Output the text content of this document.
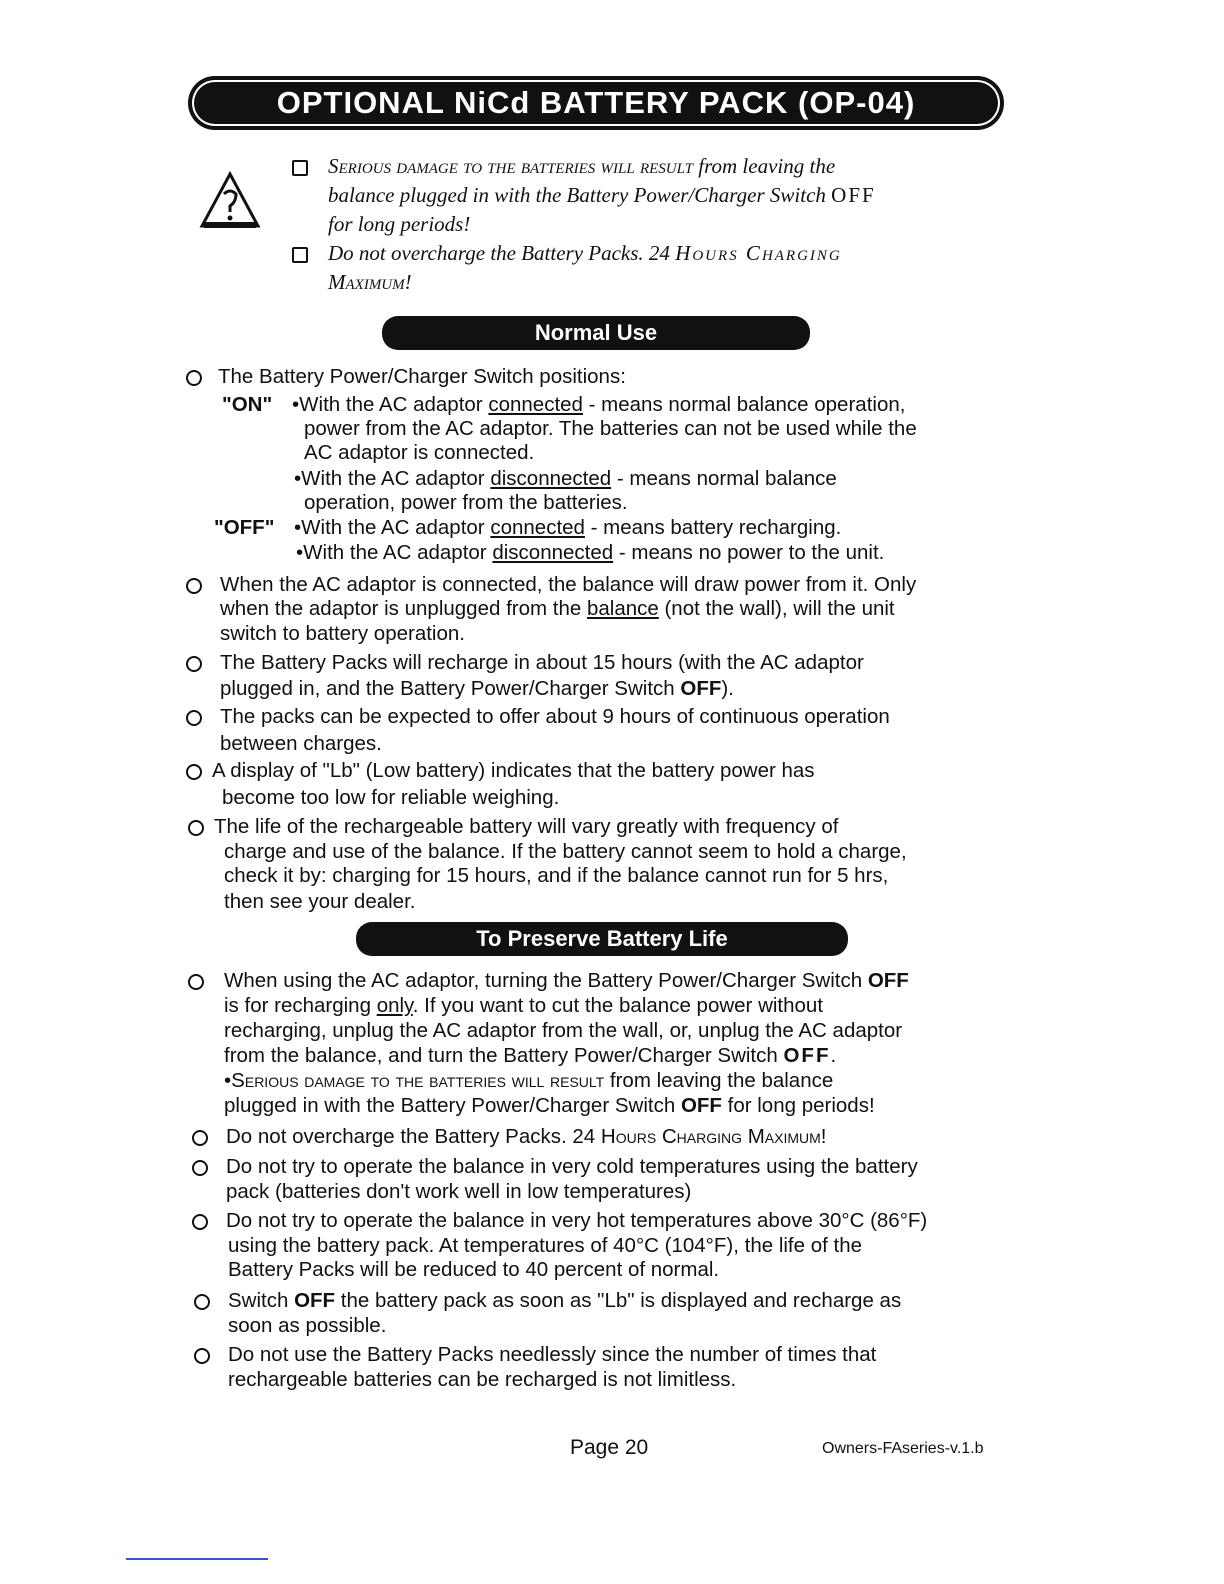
OPTIONAL NiCd BATTERY PACK (OP-04)
Serious damage to the batteries will result from leaving the
balance plugged in with the Battery Power/Charger Switch OFF
for long periods!
Do not overcharge the Battery Packs. 24 Hours Charging
Maximum!
Normal Use
The Battery Power/Charger Switch positions:
"ON" •With the AC adaptor connected - means normal balance operation,
power from the AC adaptor. The batteries can not be used while the
AC adaptor is connected.
•With the AC adaptor disconnected - means normal balance
operation, power from the batteries.
"OFF" •With the AC adaptor connected - means battery recharging.
•With the AC adaptor disconnected - means no power to the unit.
When the AC adaptor is connected, the balance will draw power from it. Only
when the adaptor is unplugged from the balance (not the wall), will the unit
switch to battery operation.
The Battery Packs will recharge in about 15 hours (with the AC adaptor
plugged in, and the Battery Power/Charger Switch OFF).
The packs can be expected to offer about 9 hours of continuous operation
between charges.
A display of "Lb" (Low battery) indicates that the battery power has
become too low for reliable weighing.
The life of the rechargeable battery will vary greatly with frequency of
charge and use of the balance. If the battery cannot seem to hold a charge,
check it by: charging for 15 hours, and if the balance cannot run for 5 hrs,
then see your dealer.
To Preserve Battery Life
When using the AC adaptor, turning the Battery Power/Charger Switch OFF
is for recharging only. If you want to cut the balance power without
recharging, unplug the AC adaptor from the wall, or, unplug the AC adaptor
from the balance, and turn the Battery Power/Charger Switch OFF.
•Serious damage to the batteries will result from leaving the balance
plugged in with the Battery Power/Charger Switch OFF for long periods!
Do not overcharge the Battery Packs. 24 Hours Charging Maximum!
Do not try to operate the balance in very cold temperatures using the battery
pack (batteries don't work well in low temperatures)
Do not try to operate the balance in very hot temperatures above 30°C (86°F)
using the battery pack. At temperatures of 40°C (104°F), the life of the
Battery Packs will be reduced to 40 percent of normal.
Switch OFF the battery pack as soon as "Lb" is displayed and recharge as
soon as possible.
Do not use the Battery Packs needlessly since the number of times that
rechargeable batteries can be recharged is not limitless.
Page 20	Owners-FAseries-v.1.b
